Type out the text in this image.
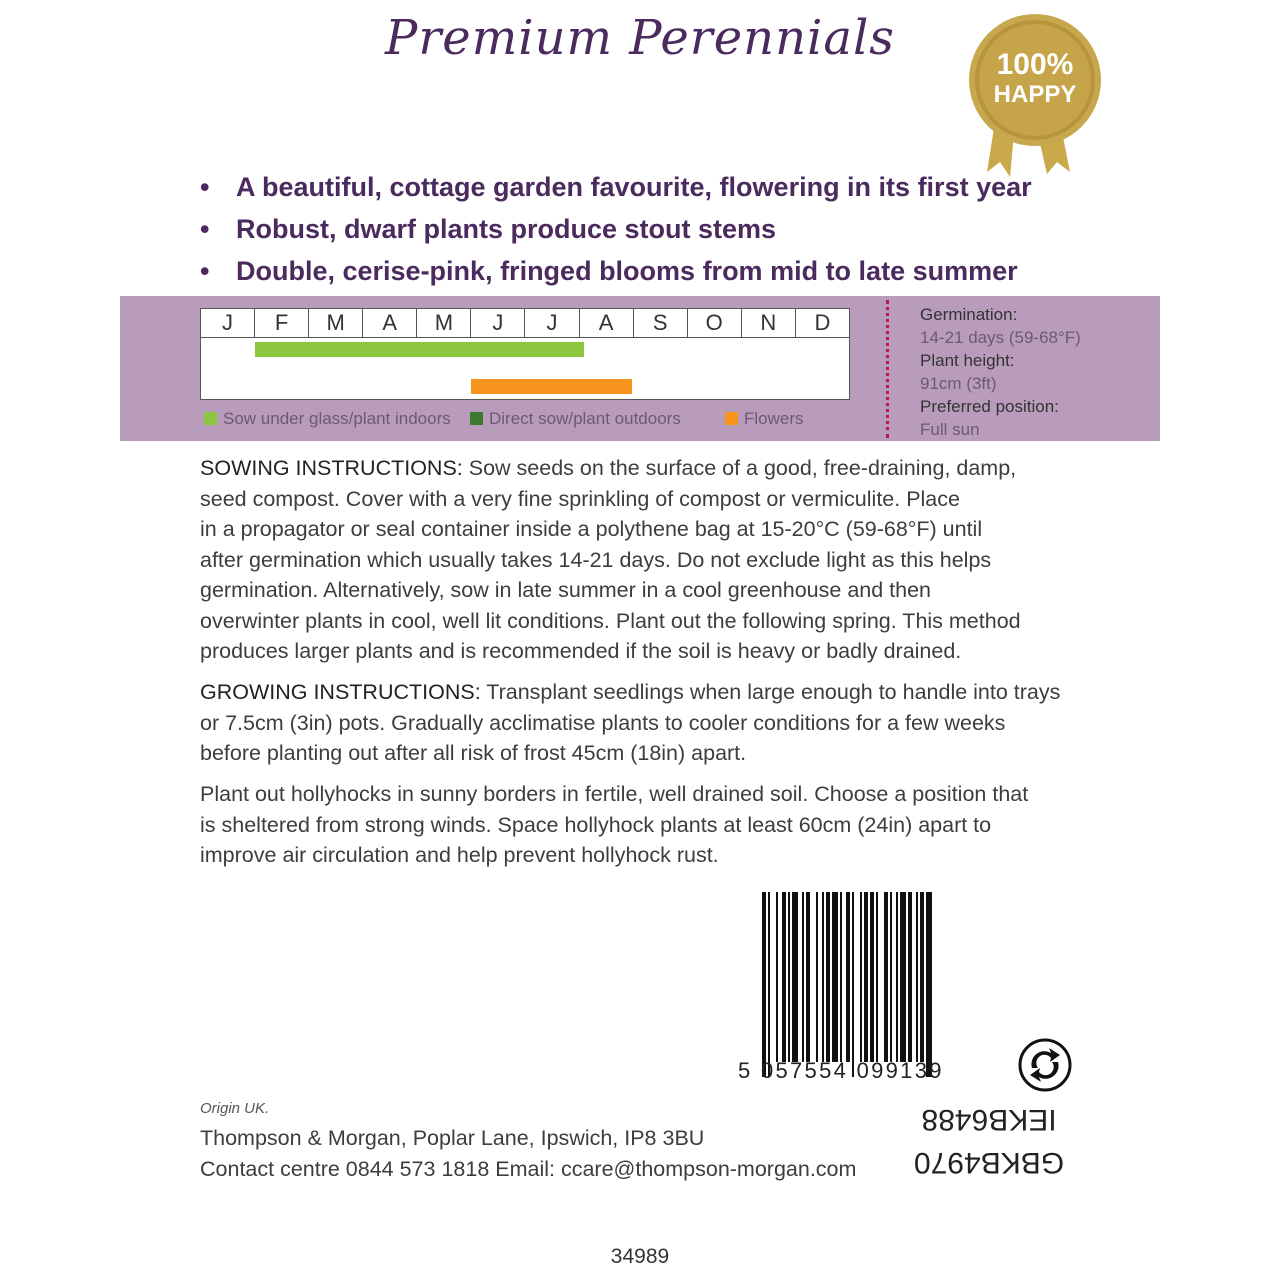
Premium Perennials	100%
HAPPY
• A beautiful, cottage garden favourite, flowering in its first year
• Robust, dwarf plants produce stout stems
• Double, cerise-pink, fringed blooms from mid to late summer
J	F	M	A	M	J	J	A	S	O	N	D
Sow under glass/plant indoors	Direct sow/plant outdoors	Flowers
Germination:
14-21 days (59-68°F)
Plant height:
91cm (3ft)
Preferred position:
Full sun
SOWING INSTRUCTIONS: Sow seeds on the surface of a good, free-draining, damp,
seed compost. Cover with a very fine sprinkling of compost or vermiculite. Place
in a propagator or seal container inside a polythene bag at 15-20°C (59-68°F) until
after germination which usually takes 14-21 days. Do not exclude light as this helps
germination. Alternatively, sow in late summer in a cool greenhouse and then
overwinter plants in cool, well lit conditions. Plant out the following spring. This method
produces larger plants and is recommended if the soil is heavy or badly drained.
GROWING INSTRUCTIONS: Transplant seedlings when large enough to handle into trays
or 7.5cm (3in) pots. Gradually acclimatise plants to cooler conditions for a few weeks
before planting out after all risk of frost 45cm (18in) apart.
Plant out hollyhocks in sunny borders in fertile, well drained soil. Choose a position that
is sheltered from strong winds. Space hollyhock plants at least 60cm (24in) apart to
improve air circulation and help prevent hollyhock rust.
5 057554 099139
IEKB6488
GBKB4970
Origin UK.
Thompson & Morgan, Poplar Lane, Ipswich, IP8 3BU
Contact centre 0844 573 1818 Email: ccare@thompson-morgan.com
34989
